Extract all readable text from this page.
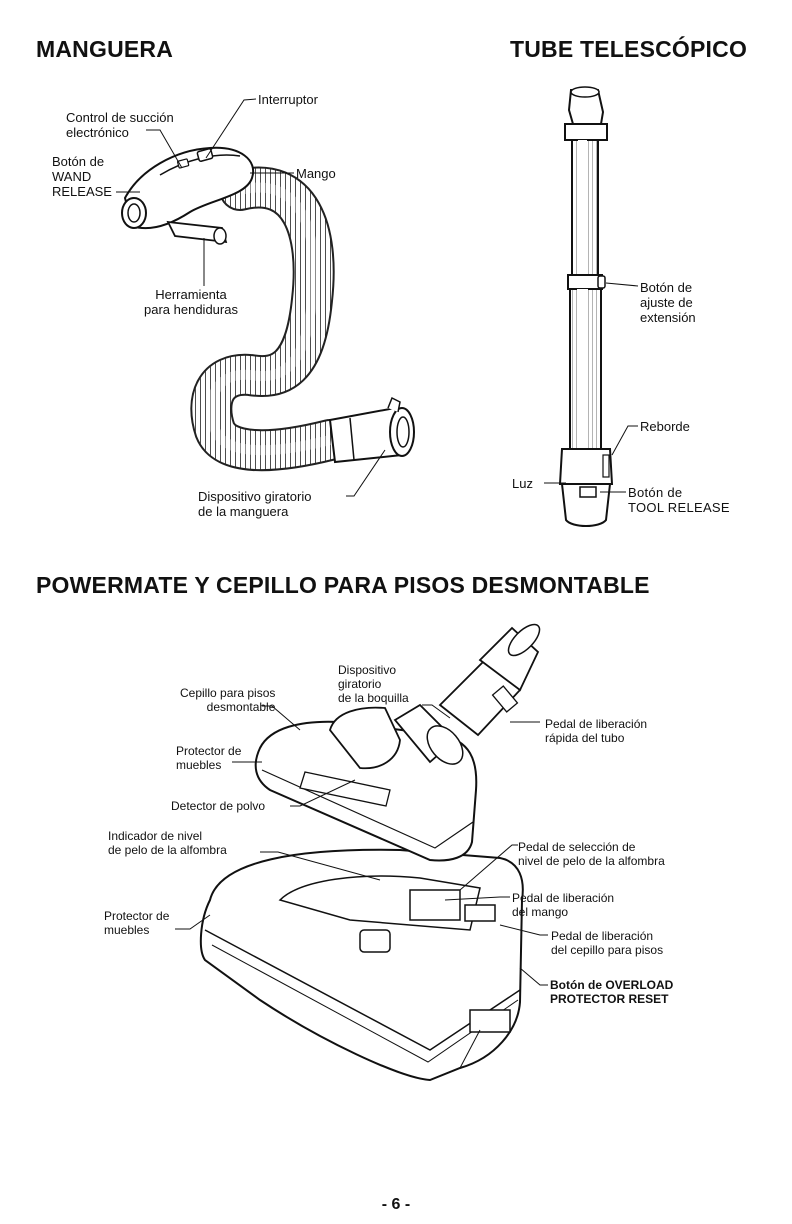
MANGUERA	TUBE TELESCÓPICO
POWERMATE Y CEPILLO PARA PISOS DESMONTABLE
Interruptor
Control de succión
electrónico
Botón de
WAND
RELEASE
Mango
Herramienta
para hendiduras
Dispositivo giratorio
de la manguera
Botón de
ajuste de
extensión
Reborde
Luz
Botón de
TOOL RELEASE
Dispositivo
giratorio
de la boquilla
Cepillo para pisos
desmontable
Pedal de liberación
rápida del tubo
Protector de
muebles
Detector de polvo
Indicador de nivel
de pelo de la alfombra	Pedal de selección de
nivel de pelo de la alfombra
Pedal de liberación
del mango
Protector de
muebles	Pedal de liberación
del cepillo para pisos
Botón de OVERLOAD
PROTECTOR RESET
- 6 -
